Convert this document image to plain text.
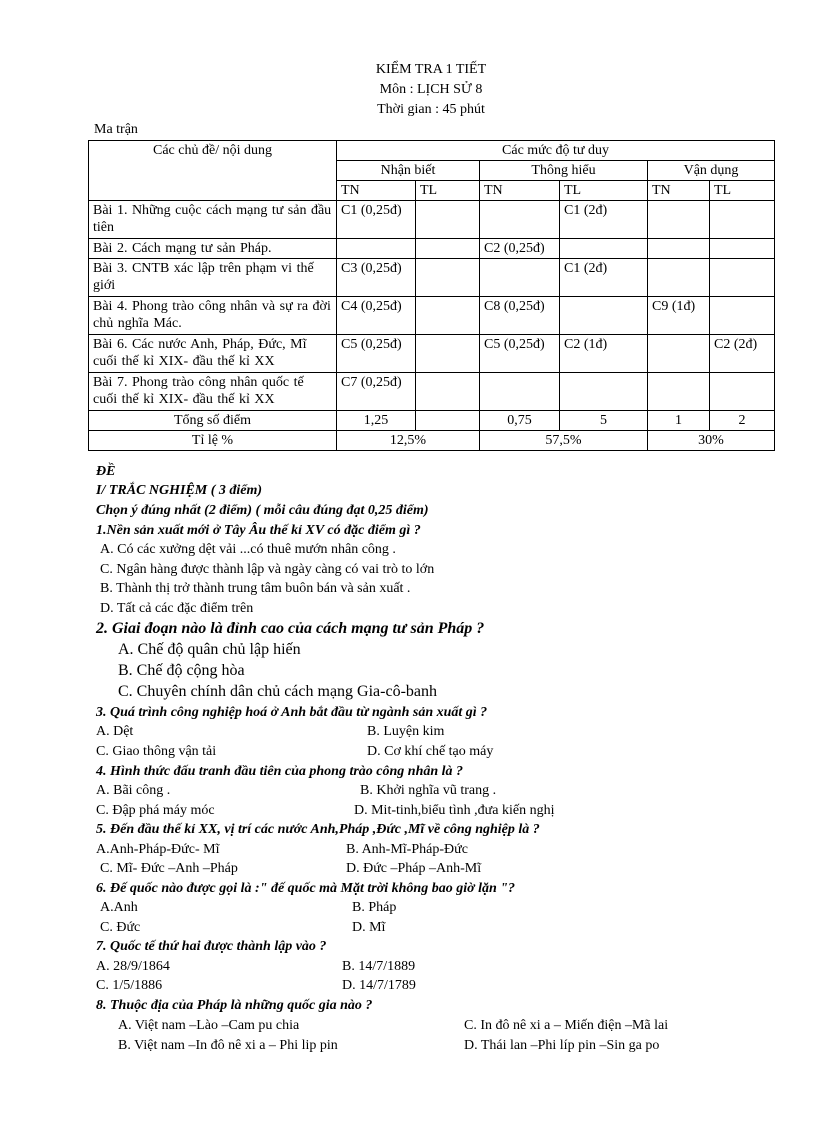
KIỂM TRA 1 TIẾT
Môn : LỊCH SỬ 8
Thời gian : 45 phút
Ma trận
Các chủ đề/ nội dung	Các mức độ tư duy					
	Nhận biết		Thông hiểu		Vận dụng	
	TN	TL	TN	TL	TN	TL
Bài 1. Những cuộc cách mạng tư sản đầu tiên	C1 (0,25đ)			C1 (2đ)		
Bài 2. Cách mạng tư sản Pháp.			C2 (0,25đ)			
Bài 3. CNTB xác lập trên phạm vi thế giới	C3 (0,25đ)			C1 (2đ)		
Bài 4. Phong trào công nhân và sự ra đời chủ nghĩa Mác.	C4 (0,25đ)		C8 (0,25đ)		C9 (1đ)	
Bài 6. Các nước Anh, Pháp, Đức, Mĩ cuối thế kỉ XIX- đầu thế kỉ XX	C5 (0,25đ)		C5 (0,25đ)	C2 (1đ)		C2 (2đ)
Bài 7. Phong trào công nhân quốc tế cuối thế kỉ XIX- đầu thế kỉ XX	C7 (0,25đ)					
Tổng số điểm	1,25		0,75	5	1	2
Tỉ lệ %	12,5%		57,5%		30%	
ĐỀ
I/ TRẮC NGHIỆM ( 3 điểm)
Chọn ý đúng nhất (2 điểm) ( mỗi câu đúng đạt 0,25 điểm)
1.Nền sản xuất mới ở Tây Âu thế kỉ XV có đặc điểm gì ?
A. Có các xưởng dệt vải ...có thuê mướn nhân công .
C. Ngân hàng được thành lập và ngày càng có vai trò to lớn
B. Thành thị trở thành trung tâm buôn bán và sản xuất .
D. Tất cả các đặc điểm trên
2. Giai đoạn nào là đỉnh cao của cách mạng tư sản Pháp ?
A. Chế độ quân chủ lập hiến
B. Chế độ cộng hòa
C. Chuyên chính dân chủ cách mạng Gia-cô-banh
3. Quá trình công nghiệp hoá ở Anh bắt đầu từ ngành sản xuất gì ?
A. Dệt	B. Luyện kim
C. Giao thông vận tải	D. Cơ khí chế tạo máy
4. Hình thức đấu tranh đầu tiên của phong trào công nhân là ?
A. Bãi công .	B. Khởi nghĩa vũ trang .
C. Đập phá máy móc	D. Mit-tinh,biểu tình ,đưa kiến nghị
5. Đến đầu thế kỉ XX, vị trí các nước Anh,Pháp ,Đức ,Mĩ về công nghiệp là ?
A.Anh-Pháp-Đức- Mĩ	B. Anh-Mĩ-Pháp-Đức
C. Mĩ- Đức –Anh –Pháp	D. Đức –Pháp –Anh-Mĩ
6. Đế quốc nào được gọi là :" đế quốc mà Mặt trời không bao giờ lặn "?
A.Anh	B. Pháp
C. Đức	D. Mĩ
7. Quốc tế thứ hai được thành lập vào ?
A. 28/9/1864	B. 14/7/1889
C. 1/5/1886	D. 14/7/1789
8. Thuộc địa của Pháp là những quốc gia nào ?
A. Việt nam –Lào –Cam pu chia	C. In đô nê xi a – Miến điện –Mã lai
B. Việt nam –In đô nê xi a – Phi lip pin	D. Thái lan –Phi líp pin –Sin ga po
